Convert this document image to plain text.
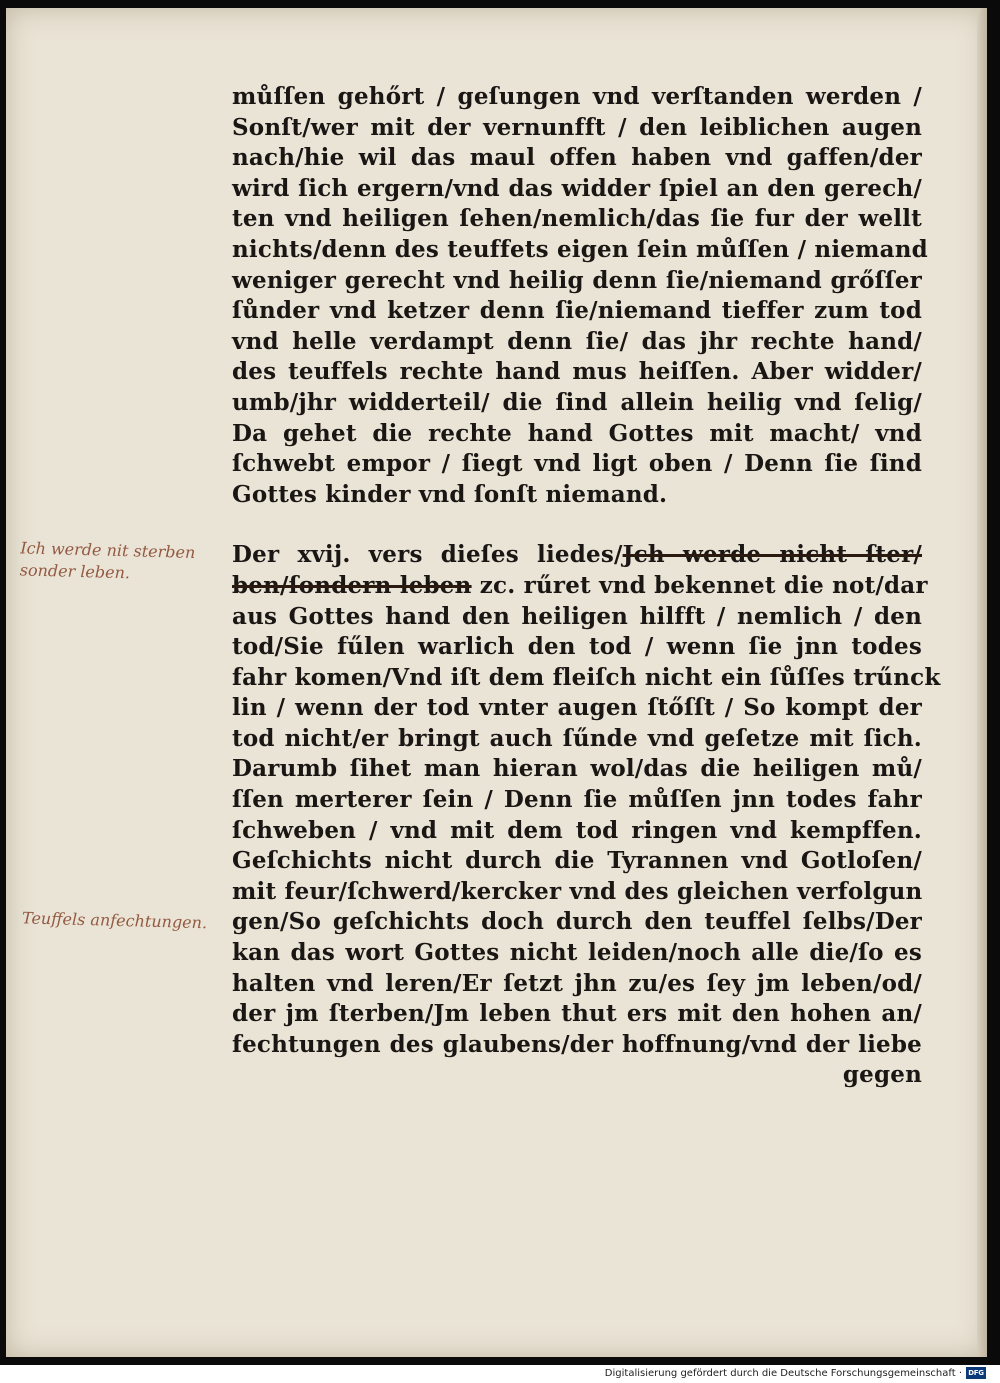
můſſen gehőrt / geſungen vnd verſtanden werden /
Sonſt/wer mit der vernunfft / den leiblichen augen
nach/hie wil das maul offen haben vnd gaffen/der
wird ſich ergern/vnd das widder ſpiel an den gerech/
ten vnd heiligen ſehen/nemlich/das ſie fur der wellt
nichts/denn des teuffets eigen ſein můſſen / niemand
weniger gerecht vnd heilig denn ſie/niemand grőſſer
ſůnder vnd ketzer denn ſie/niemand tieffer zum tod
vnd helle verdampt denn ſie/ das jhr rechte hand/
des teuffels rechte hand mus heiſſen. Aber widder/
umb/jhr widderteil/ die ſind allein heilig vnd ſelig/
Da gehet die rechte hand Gottes mit macht/ vnd
ſchwebt empor / ſiegt vnd ligt oben / Denn ſie ſind
Gottes kinder vnd ſonſt niemand.
Der xvij. vers dieſes liedes/Jch werde nicht ſter/
ben/ſondern leben zc. rűret vnd bekennet die not/dar
aus Gottes hand den heiligen hilfft / nemlich / den
tod/Sie fűlen warlich den tod / wenn ſie jnn todes
fahr komen/Vnd iſt dem fleiſch nicht ein ſůſſes trűnck
lin / wenn der tod vnter augen ſtőſſt / So kompt der
tod nicht/er bringt auch ſűnde vnd geſetze mit ſich.
Darumb ſihet man hieran wol/das die heiligen mů/
ſſen merterer ſein / Denn ſie můſſen jnn todes fahr
ſchweben / vnd mit dem tod ringen vnd kempffen.
Geſchichts nicht durch die Tyrannen vnd Gotloſen/
mit feur/ſchwerd/kercker vnd des gleichen verfolgun
gen/So geſchichts doch durch den teuffel ſelbs/Der
kan das wort Gottes nicht leiden/noch alle die/ſo es
halten vnd leren/Er ſetzt jhn zu/es ſey jm leben/od/
der jm ſterben/Jm leben thut ers mit den hohen an/
fechtungen des glaubens/der hoffnung/vnd der liebe
gegen
Ich werde nit sterben sonder leben.
Teuffels anfechtungen.
Digitalisierung gefördert durch die Deutsche Forschungsgemeinschaft · DFG
